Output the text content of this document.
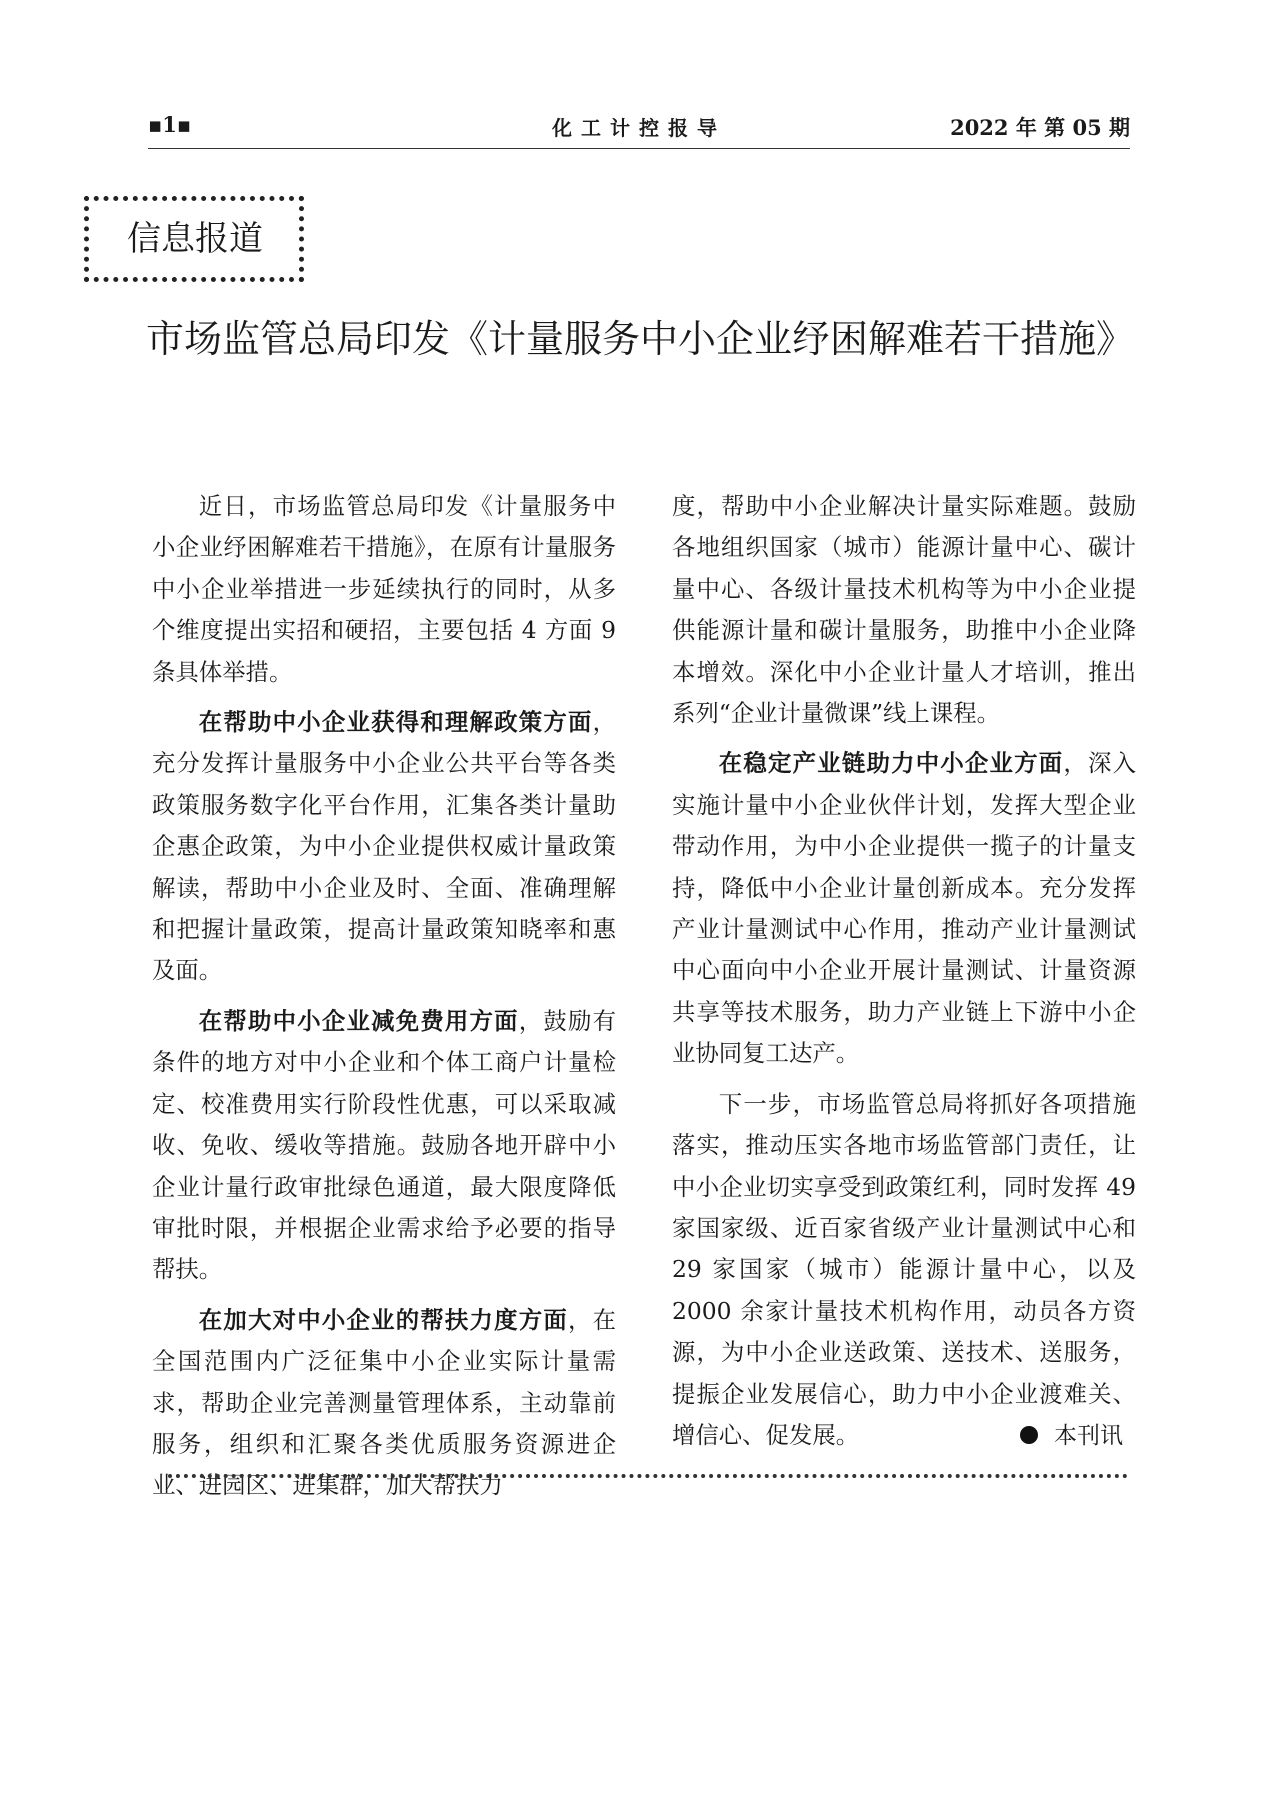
▪1▪	化工计控报导	2022 年 第 05 期
信息报道
市场监管总局印发《计量服务中小企业纾困解难若干措施》

近日，市场监管总局印发《计量服务中小企业纾困解难若干措施》，在原有计量服务中小企业举措进一步延续执行的同时，从多个维度提出实招和硬招，主要包括 4 方面 9 条具体举措。

在帮助中小企业获得和理解政策方面，充分发挥计量服务中小企业公共平台等各类政策服务数字化平台作用，汇集各类计量助企惠企政策，为中小企业提供权威计量政策解读，帮助中小企业及时、全面、准确理解和把握计量政策，提高计量政策知晓率和惠及面。

在帮助中小企业减免费用方面，鼓励有条件的地方对中小企业和个体工商户计量检定、校准费用实行阶段性优惠，可以采取减收、免收、缓收等措施。鼓励各地开辟中小企业计量行政审批绿色通道，最大限度降低审批时限，并根据企业需求给予必要的指导帮扶。

在加大对中小企业的帮扶力度方面，在全国范围内广泛征集中小企业实际计量需求，帮助企业完善测量管理体系，主动靠前服务，组织和汇聚各类优质服务资源进企业、进园区、进集群，加大帮扶力

度，帮助中小企业解决计量实际难题。鼓励各地组织国家（城市）能源计量中心、碳计量中心、各级计量技术机构等为中小企业提供能源计量和碳计量服务，助推中小企业降本增效。深化中小企业计量人才培训，推出系列“企业计量微课”线上课程。

在稳定产业链助力中小企业方面，深入实施计量中小企业伙伴计划，发挥大型企业带动作用，为中小企业提供一揽子的计量支持，降低中小企业计量创新成本。充分发挥产业计量测试中心作用，推动产业计量测试中心面向中小企业开展计量测试、计量资源共享等技术服务，助力产业链上下游中小企业协同复工达产。

下一步，市场监管总局将抓好各项措施落实，推动压实各地市场监管部门责任，让中小企业切实享受到政策红利，同时发挥 49 家国家级、近百家省级产业计量测试中心和 29 家国家（城市）能源计量中心，以及 2000 余家计量技术机构作用，动员各方资源，为中小企业送政策、送技术、送服务，提振企业发展信心，助力中小企业渡难关、增信心、促发展。	本刊讯
